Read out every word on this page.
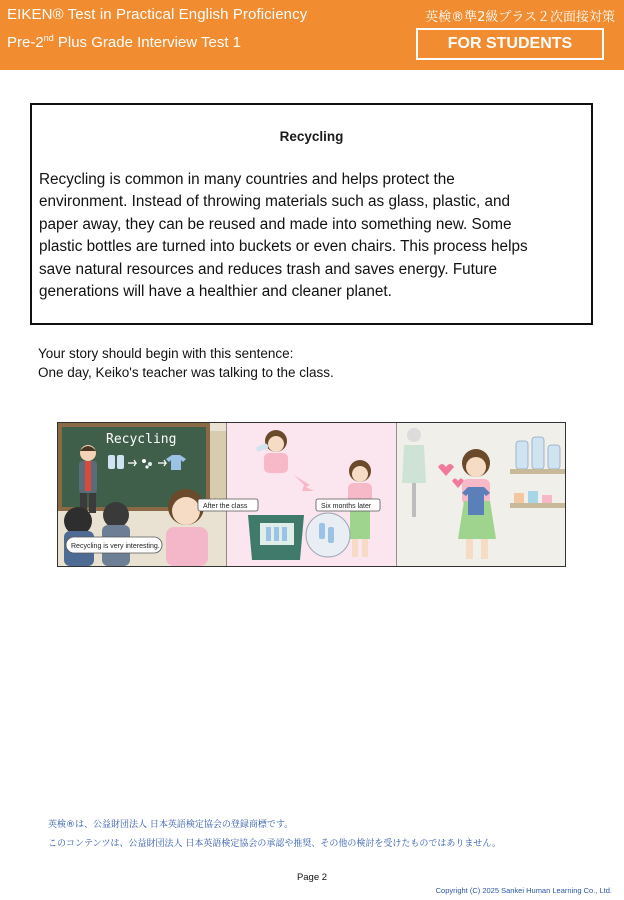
EIKEN® Test in Practical English Proficiency
Pre-2nd Plus Grade Interview Test 1
英検®準2級プラス２次面接対策
FOR STUDENTS
Recycling
Recycling is common in many countries and helps protect the
environment. Instead of throwing materials such as glass, plastic, and
paper away, they can be reused and made into something new. Some
plastic bottles are turned into buckets or even chairs. This process helps
save natural resources and reduces trash and saves energy. Future
generations will have a healthier and cleaner planet.
Your story should begin with this sentence:
One day, Keiko's teacher was talking to the class.
Recycling
Recycling is very interesting.
After the class	Six months later
英検®は、公益財団法人 日本英語検定協会の登録商標です。
このコンテンツは、公益財団法人 日本英語検定協会の承認や推奨、その他の検討を受けたものではありません。
Page 2
Copyright (C) 2025 Sankei Human Learning Co., Ltd.
